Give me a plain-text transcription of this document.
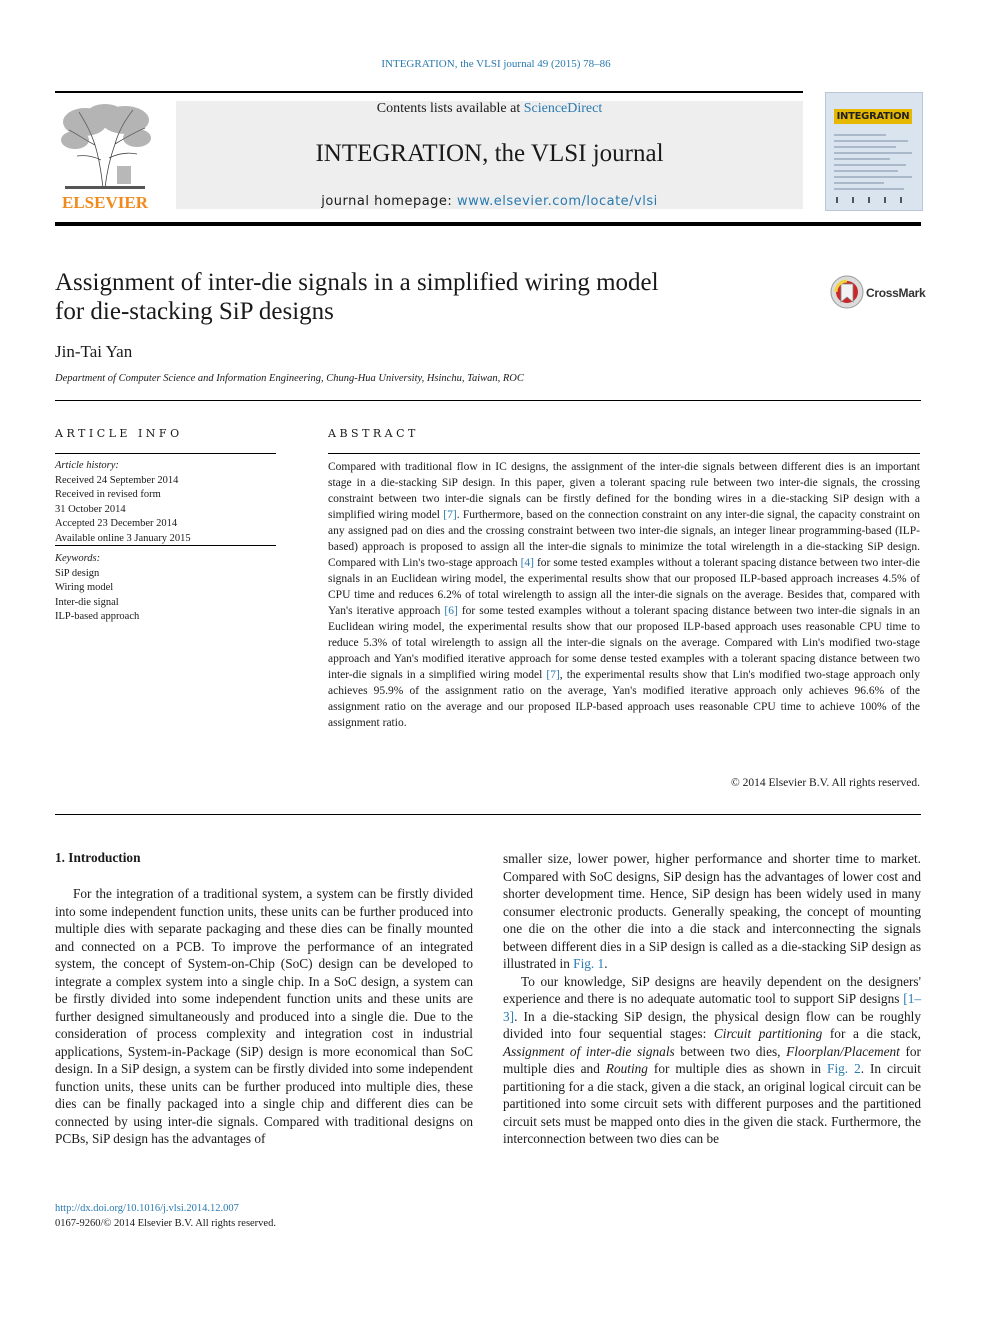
INTEGRATION, the VLSI journal 49 (2015) 78–86
ELSEVIER
Contents lists available at ScienceDirect
INTEGRATION, the VLSI journal
journal homepage: www.elsevier.com/locate/vlsi
INTEGRATION
Assignment of inter-die signals in a simplified wiring model
for die-stacking SiP designs
CrossMark
Jin-Tai Yan
Department of Computer Science and Information Engineering, Chung-Hua University, Hsinchu, Taiwan, ROC
ARTICLE INFO
Article history:
Received 24 September 2014
Received in revised form
31 October 2014
Accepted 23 December 2014
Available online 3 January 2015
Keywords:
SiP design
Wiring model
Inter-die signal
ILP-based approach
ABSTRACT
Compared with traditional flow in IC designs, the assignment of the inter-die signals between different dies is an important stage in a die-stacking SiP design. In this paper, given a tolerant spacing rule between two inter-die signals, the crossing constraint between two inter-die signals can be firstly defined for the bonding wires in a die-stacking SiP design with a simplified wiring model [7]. Furthermore, based on the connection constraint on any inter-die signal, the capacity constraint on any assigned pad on dies and the crossing constraint between two inter-die signals, an integer linear programming-based (ILP-based) approach is proposed to assign all the inter-die signals to minimize the total wirelength in a die-stacking SiP design. Compared with Lin's two-stage approach [4] for some tested examples without a tolerant spacing distance between two inter-die signals in an Euclidean wiring model, the experimental results show that our proposed ILP-based approach increases 4.5% of CPU time and reduces 6.2% of total wirelength to assign all the inter-die signals on the average. Besides that, compared with Yan's iterative approach [6] for some tested examples without a tolerant spacing distance between two inter-die signals in an Euclidean wiring model, the experimental results show that our proposed ILP-based approach uses reasonable CPU time to reduce 5.3% of total wirelength to assign all the inter-die signals on the average. Compared with Lin's modified two-stage approach and Yan's modified iterative approach for some dense tested examples with a tolerant spacing distance between two inter-die signals in a simplified wiring model [7], the experimental results show that Lin's modified two-stage approach only achieves 95.9% of the assignment ratio on the average, Yan's modified iterative approach only achieves 96.6% of the assignment ratio on the average and our proposed ILP-based approach uses reasonable CPU time to achieve 100% of the assignment ratio.
© 2014 Elsevier B.V. All rights reserved.
1. Introduction

For the integration of a traditional system, a system can be firstly divided into some independent function units, these units can be further produced into multiple dies with separate packaging and these dies can be finally mounted and connected on a PCB. To improve the performance of an integrated system, the concept of System-on-Chip (SoC) design can be developed to integrate a complex system into a single chip. In a SoC design, a system can be firstly divided into some independent function units and these units are further designed simultaneously and produced into a single die. Due to the consideration of process complexity and integration cost in industrial applications, System-in-Package (SiP) design is more economical than SoC design. In a SiP design, a system can be firstly divided into some independent function units, these units can be further produced into multiple dies, these dies can be finally packaged into a single chip and different dies can be connected by using inter-die signals. Compared with traditional designs on PCBs, SiP design has the advantages of

smaller size, lower power, higher performance and shorter time to market. Compared with SoC designs, SiP design has the advantages of lower cost and shorter development time. Hence, SiP design has been widely used in many consumer electronic products. Generally speaking, the concept of mounting one die on the other die into a die stack and interconnecting the signals between different dies in a SiP design is called as a die-stacking SiP design as illustrated in Fig. 1.

To our knowledge, SiP designs are heavily dependent on the designers' experience and there is no adequate automatic tool to support SiP designs [1–3]. In a die-stacking SiP design, the physical design flow can be roughly divided into four sequential stages: Circuit partitioning for a die stack, Assignment of inter-die signals between two dies, Floorplan/Placement for multiple dies and Routing for multiple dies as shown in Fig. 2. In circuit partitioning for a die stack, given a die stack, an original logical circuit can be partitioned into some circuit sets with different purposes and the partitioned circuit sets must be mapped onto dies in the given die stack. Furthermore, the interconnection between two dies can be

http://dx.doi.org/10.1016/j.vlsi.2014.12.007
0167-9260/© 2014 Elsevier B.V. All rights reserved.
